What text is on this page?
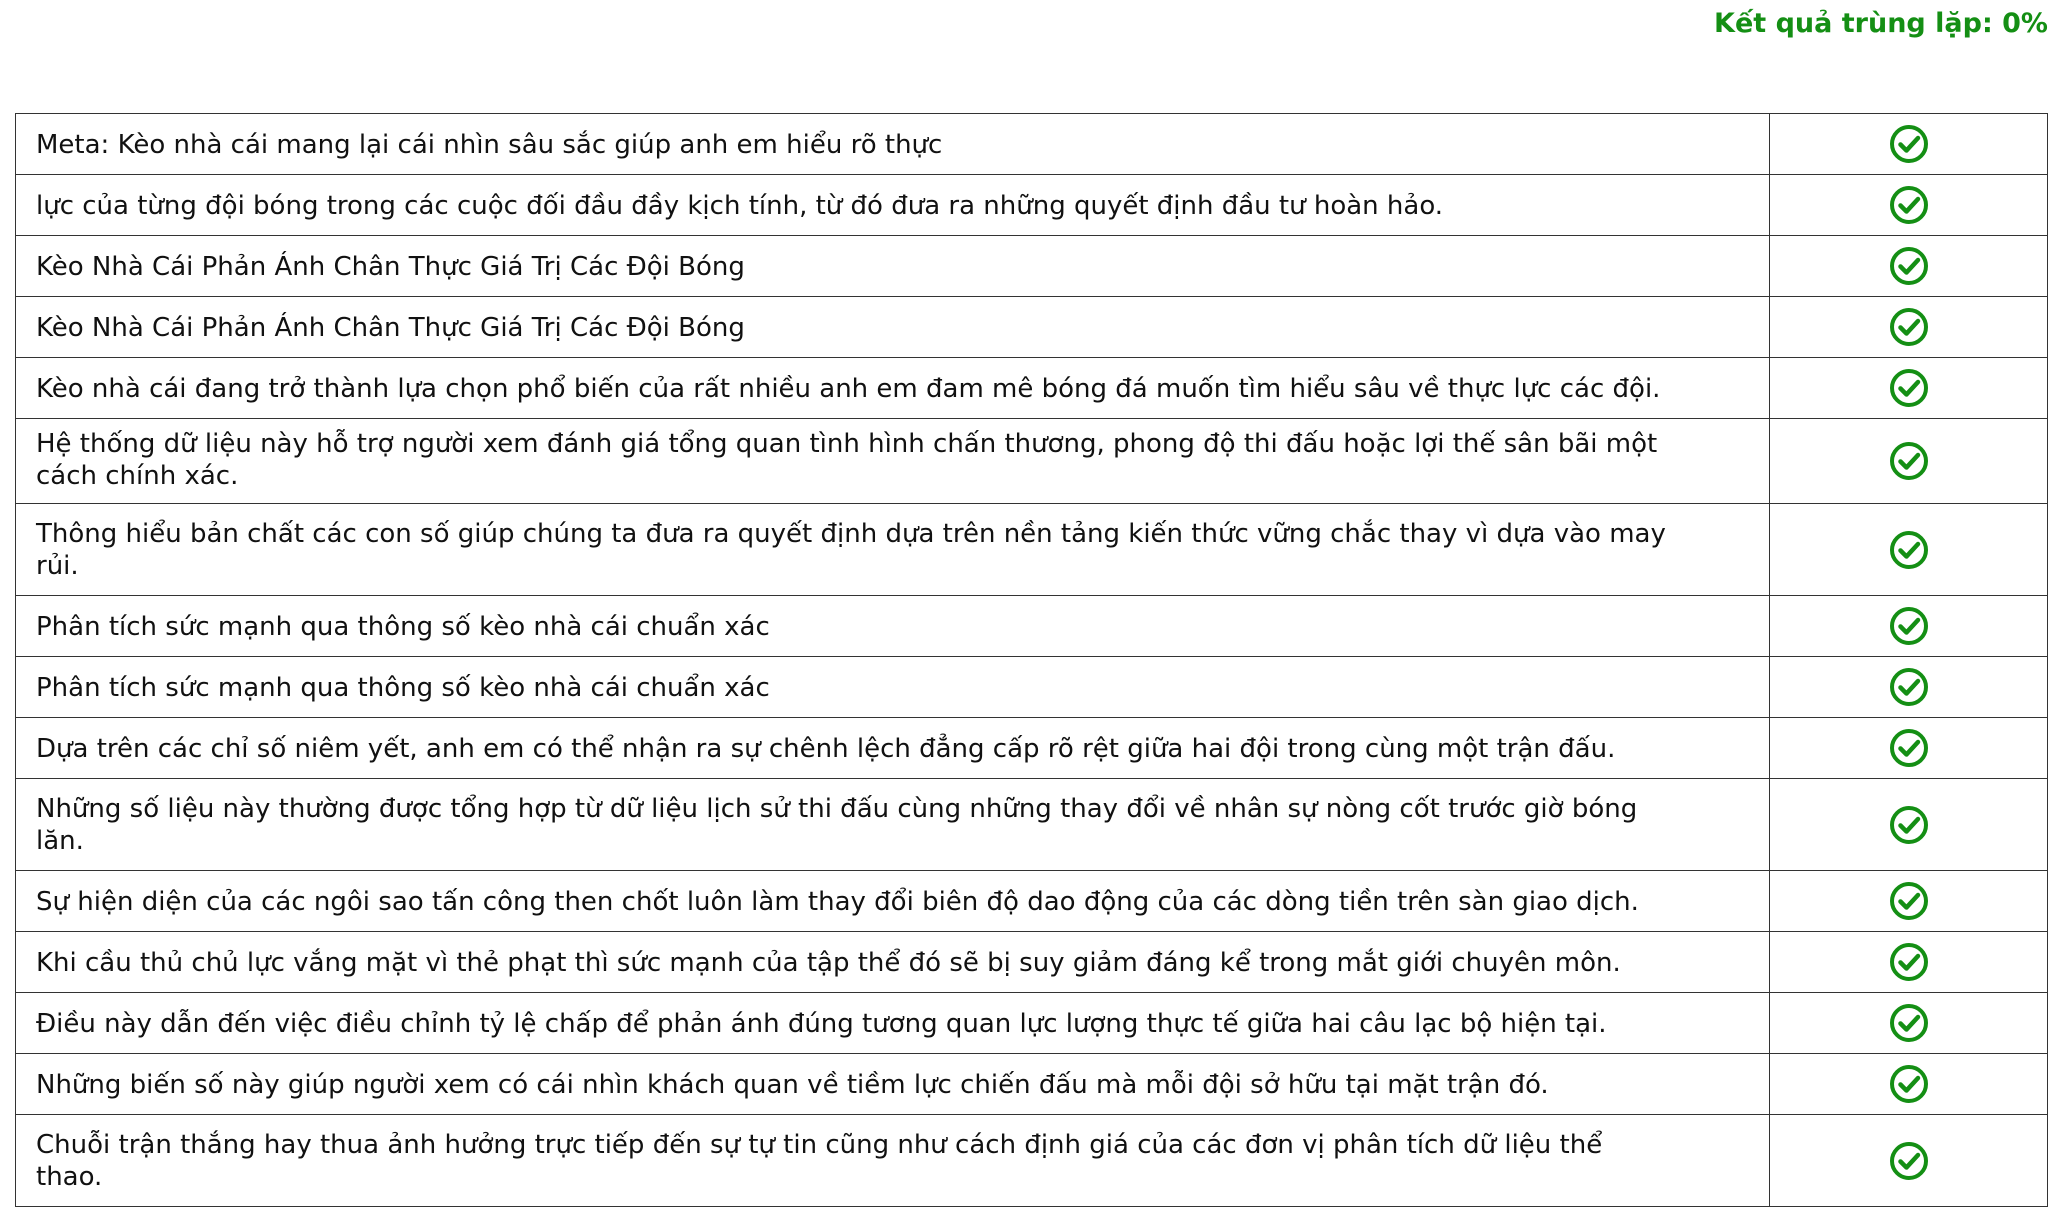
Kết quả trùng lặp: 0%
Meta: Kèo nhà cái mang lại cái nhìn sâu sắc giúp anh em hiểu rõ thực	
lực của từng đội bóng trong các cuộc đối đầu đầy kịch tính, từ đó đưa ra những quyết định đầu tư hoàn hảo.	
Kèo Nhà Cái Phản Ánh Chân Thực Giá Trị Các Đội Bóng	
Kèo Nhà Cái Phản Ánh Chân Thực Giá Trị Các Đội Bóng	
Kèo nhà cái đang trở thành lựa chọn phổ biến của rất nhiều anh em đam mê bóng đá muốn tìm hiểu sâu về thực lực các đội.	
Hệ thống dữ liệu này hỗ trợ người xem đánh giá tổng quan tình hình chấn thương, phong độ thi đấu hoặc lợi thế sân bãi một cách chính xác.	
Thông hiểu bản chất các con số giúp chúng ta đưa ra quyết định dựa trên nền tảng kiến thức vững chắc thay vì dựa vào may rủi.	
Phân tích sức mạnh qua thông số kèo nhà cái chuẩn xác	
Phân tích sức mạnh qua thông số kèo nhà cái chuẩn xác	
Dựa trên các chỉ số niêm yết, anh em có thể nhận ra sự chênh lệch đẳng cấp rõ rệt giữa hai đội trong cùng một trận đấu.	
Những số liệu này thường được tổng hợp từ dữ liệu lịch sử thi đấu cùng những thay đổi về nhân sự nòng cốt trước giờ bóng lăn.	
Sự hiện diện của các ngôi sao tấn công then chốt luôn làm thay đổi biên độ dao động của các dòng tiền trên sàn giao dịch.	
Khi cầu thủ chủ lực vắng mặt vì thẻ phạt thì sức mạnh của tập thể đó sẽ bị suy giảm đáng kể trong mắt giới chuyên môn.	
Điều này dẫn đến việc điều chỉnh tỷ lệ chấp để phản ánh đúng tương quan lực lượng thực tế giữa hai câu lạc bộ hiện tại.	
Những biến số này giúp người xem có cái nhìn khách quan về tiềm lực chiến đấu mà mỗi đội sở hữu tại mặt trận đó.	
Chuỗi trận thắng hay thua ảnh hưởng trực tiếp đến sự tự tin cũng như cách định giá của các đơn vị phân tích dữ liệu thể thao.	
